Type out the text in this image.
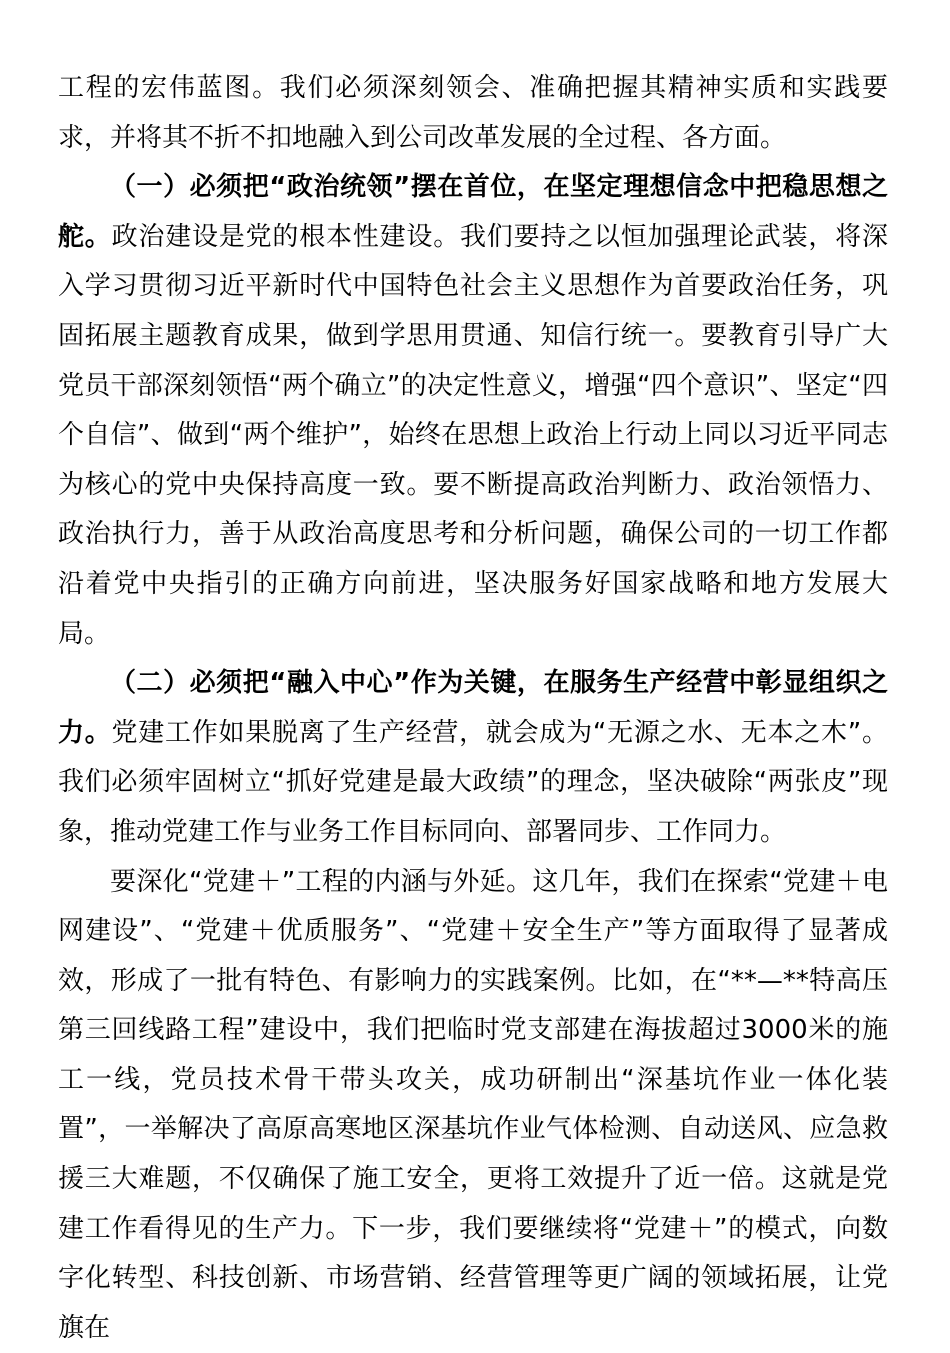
工程的宏伟蓝图。我们必须深刻领会、准确把握其精神实质和实践要求，并将其不折不扣地融入到公司改革发展的全过程、各方面。

（一）必须把“政治统领”摆在首位，在坚定理想信念中把稳思想之舵。政治建设是党的根本性建设。我们要持之以恒加强理论武装，将深入学习贯彻习近平新时代中国特色社会主义思想作为首要政治任务，巩固拓展主题教育成果，做到学思用贯通、知信行统一。要教育引导广大党员干部深刻领悟“两个确立”的决定性意义，增强“四个意识”、坚定“四个自信”、做到“两个维护”，始终在思想上政治上行动上同以习近平同志为核心的党中央保持高度一致。要不断提高政治判断力、政治领悟力、政治执行力，善于从政治高度思考和分析问题，确保公司的一切工作都沿着党中央指引的正确方向前进，坚决服务好国家战略和地方发展大局。

（二）必须把“融入中心”作为关键，在服务生产经营中彰显组织之力。党建工作如果脱离了生产经营，就会成为“无源之水、无本之木”。我们必须牢固树立“抓好党建是最大政绩”的理念，坚决破除“两张皮”现象，推动党建工作与业务工作目标同向、部署同步、工作同力。

要深化“党建＋”工程的内涵与外延。这几年，我们在探索“党建＋电网建设”、“党建＋优质服务”、“党建＋安全生产”等方面取得了显著成效，形成了一批有特色、有影响力的实践案例。比如，在“**—**特高压第三回线路工程”建设中，我们把临时党支部建在海拔超过3000米的施工一线，党员技术骨干带头攻关，成功研制出“深基坑作业一体化装置”，一举解决了高原高寒地区深基坑作业气体检测、自动送风、应急救援三大难题，不仅确保了施工安全，更将工效提升了近一倍。这就是党建工作看得见的生产力。下一步，我们要继续将“党建＋”的模式，向数字化转型、科技创新、市场营销、经营管理等更广阔的领域拓展，让党旗在
